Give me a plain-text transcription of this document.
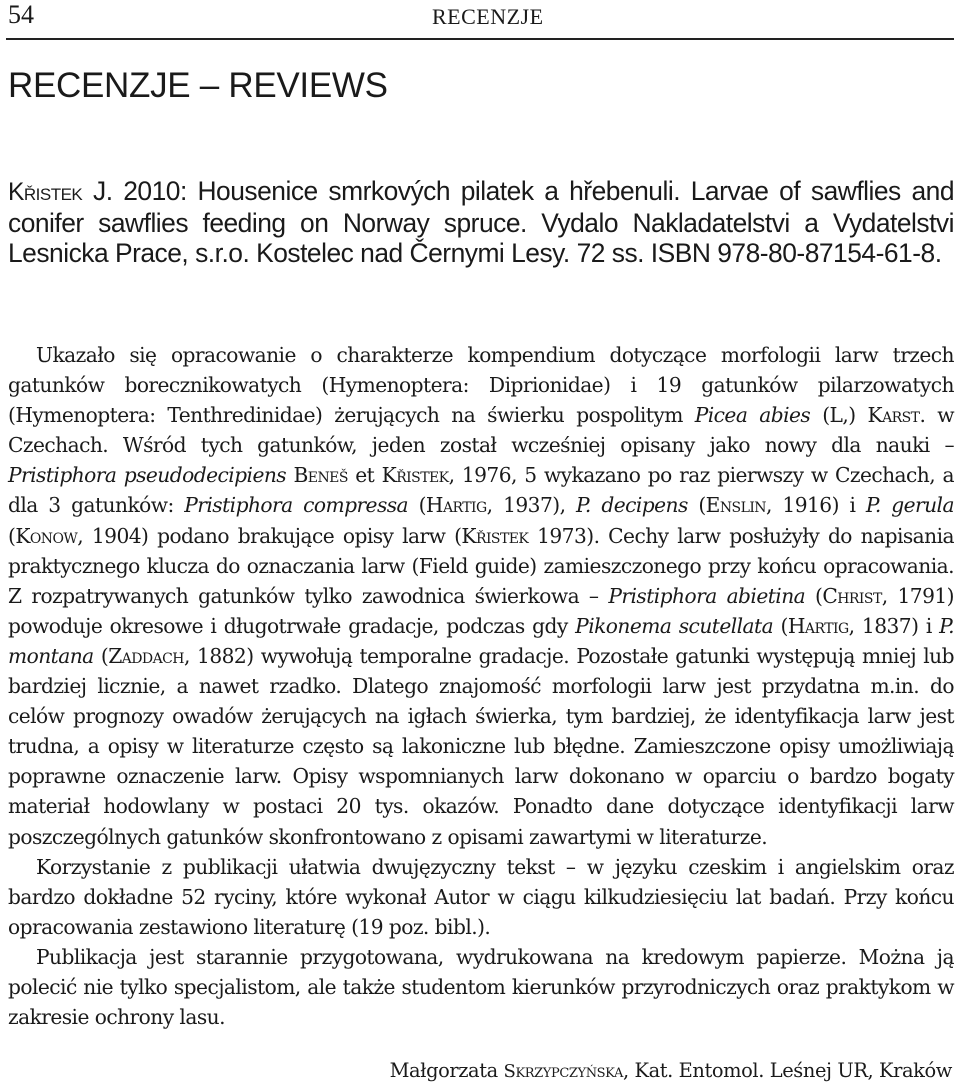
54	RECENZJE
RECENZJE – REVIEWS

Křistek J. 2010: Housenice smrkových pilatek a hřebenuli. Larvae of sawflies and conifer sawflies feeding on Norway spruce. Vydalo Nakladatelstvi a Vydatelstvi Lesnicka Prace, s.r.o. Kostelec nad Černymi Lesy. 72 ss. ISBN 978-80-87154-61-8.

Ukazało się opracowanie o charakterze kompendium dotyczące morfologii larw trzech gatunków borecznikowatych (Hymenoptera: Diprionidae) i 19 gatunków pilarzowatych (Hymenoptera: Tenthredinidae) żerujących na świerku pospolitym Picea abies (L,) Karst. w Czechach. Wśród tych gatunków, jeden został wcześniej opisany jako nowy dla nauki – Pristiphora pseudodecipiens Beneš et Křistek, 1976, 5 wykazano po raz pierwszy w Czechach, a dla 3 gatunków: Pristiphora compressa (Hartig, 1937), P. decipens (Enslin, 1916) i P. gerula (Konow, 1904) podano brakujące opisy larw (Křistek 1973). Cechy larw posłużyły do napisania praktycznego klucza do oznaczania larw (Field guide) zamieszczonego przy końcu opracowania. Z rozpatrywanych gatunków tylko zawodnica świerkowa – Pristiphora abietina (Christ, 1791) powoduje okresowe i długotrwałe gradacje, podczas gdy Pikonema scutellata (Hartig, 1837) i P. montana (Zaddach, 1882) wywołują temporalne gradacje. Pozostałe gatunki występują mniej lub bardziej licznie, a nawet rzadko. Dlatego znajomość morfologii larw jest przydatna m.in. do celów prognozy owadów żerujących na igłach świerka, tym bardziej, że identyfikacja larw jest trudna, a opisy w literaturze często są lakoniczne lub błędne. Zamieszczone opisy umożliwiają poprawne oznaczenie larw. Opisy wspomnianych larw dokonano w oparciu o bardzo bogaty materiał hodowlany w postaci 20 tys. okazów. Ponadto dane dotyczące identyfikacji larw poszczególnych gatunków skonfrontowano z opisami zawartymi w literaturze.

Korzystanie z publikacji ułatwia dwujęzyczny tekst – w języku czeskim i angielskim oraz bardzo dokładne 52 ryciny, które wykonał Autor w ciągu kilkudziesięciu lat badań. Przy końcu opracowania zestawiono literaturę (19 poz. bibl.).

Publikacja jest starannie przygotowana, wydrukowana na kredowym papierze. Można ją polecić nie tylko specjalistom, ale także studentom kierunków przyrodniczych oraz praktykom w zakresie ochrony lasu.

Małgorzata Skrzypczyńska, Kat. Entomol. Leśnej UR, Kraków
